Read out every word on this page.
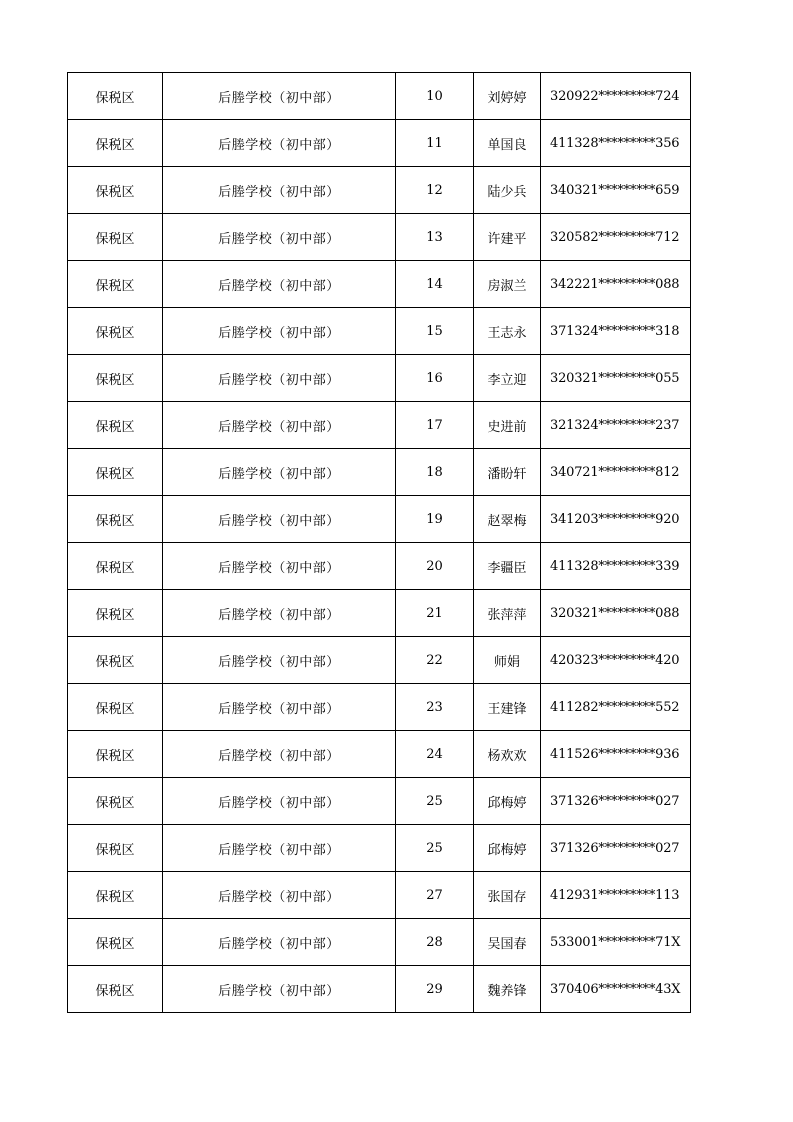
保税区	后塍学校（初中部）	10	刘婷婷	320922*********724
保税区	后塍学校（初中部）	11	单国良	411328*********356
保税区	后塍学校（初中部）	12	陆少兵	340321*********659
保税区	后塍学校（初中部）	13	许建平	320582*********712
保税区	后塍学校（初中部）	14	房淑兰	342221*********088
保税区	后塍学校（初中部）	15	王志永	371324*********318
保税区	后塍学校（初中部）	16	李立迎	320321*********055
保税区	后塍学校（初中部）	17	史进前	321324*********237
保税区	后塍学校（初中部）	18	潘盼轩	340721*********812
保税区	后塍学校（初中部）	19	赵翠梅	341203*********920
保税区	后塍学校（初中部）	20	李疆臣	411328*********339
保税区	后塍学校（初中部）	21	张萍萍	320321*********088
保税区	后塍学校（初中部）	22	师娟	420323*********420
保税区	后塍学校（初中部）	23	王建锋	411282*********552
保税区	后塍学校（初中部）	24	杨欢欢	411526*********936
保税区	后塍学校（初中部）	25	邱梅婷	371326*********027
保税区	后塍学校（初中部）	25	邱梅婷	371326*********027
保税区	后塍学校（初中部）	27	张国存	412931*********113
保税区	后塍学校（初中部）	28	吴国春	533001*********71X
保税区	后塍学校（初中部）	29	魏养锋	370406*********43X
